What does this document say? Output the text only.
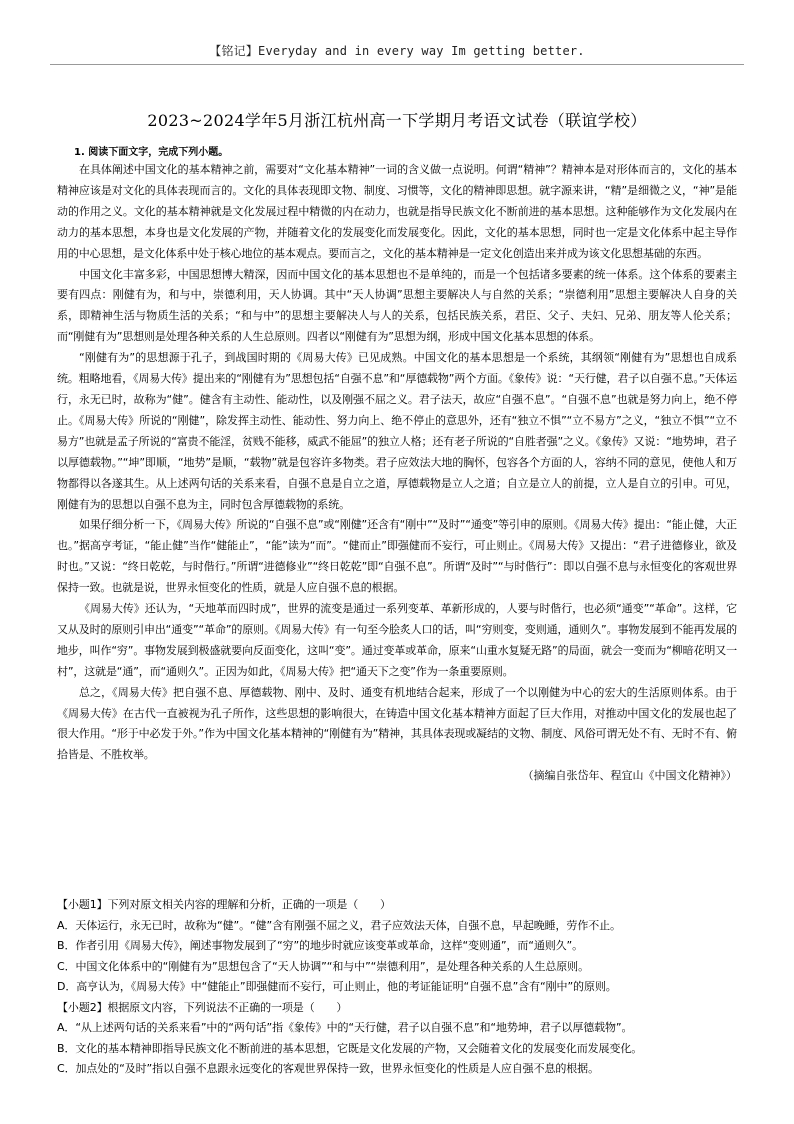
【铭记】Everyday and in every way Im getting better.
2023~2024学年5月浙江杭州高一下学期月考语文试卷（联谊学校）
1. 阅读下面文字，完成下列小题。

在具体阐述中国文化的基本精神之前，需要对“文化基本精神”一词的含义做一点说明。何谓“精神”？精神本是对形体而言的，文化的基本精神应该是对文化的具体表现而言的。文化的具体表现即文物、制度、习惯等，文化的精神即思想。就字源来讲，“精”是细微之义，“神”是能动的作用之义。文化的基本精神就是文化发展过程中精微的内在动力，也就是指导民族文化不断前进的基本思想。这种能够作为文化发展内在动力的基本思想，本身也是文化发展的产物，并随着文化的发展变化而发展变化。因此，文化的基本思想，同时也一定是文化体系中起主导作用的中心思想，是文化体系中处于核心地位的基本观点。要而言之，文化的基本精神是一定文化创造出来并成为该文化思想基础的东西。

中国文化丰富多彩，中国思想博大精深，因而中国文化的基本思想也不是单纯的，而是一个包括诸多要素的统一体系。这个体系的要素主要有四点：刚健有为，和与中，崇德利用，天人协调。其中“天人协调”思想主要解决人与自然的关系；“崇德利用”思想主要解决人自身的关系，即精神生活与物质生活的关系；“和与中”的思想主要解决人与人的关系，包括民族关系，君臣、父子、夫妇、兄弟、朋友等人伦关系；而“刚健有为”思想则是处理各种关系的人生总原则。四者以“刚健有为”思想为纲，形成中国文化基本思想的体系。

“刚健有为”的思想源于孔子，到战国时期的《周易大传》已见成熟。中国文化的基本思想是一个系统，其纲领“刚健有为”思想也自成系统。粗略地看，《周易大传》提出来的“刚健有为”思想包括“自强不息”和“厚德载物”两个方面。《象传》说：“天行健，君子以自强不息。”天体运行，永无已时，故称为“健”。健含有主动性、能动性，以及刚强不屈之义。君子法天，故应“自强不息”。“自强不息”也就是努力向上，绝不停止。《周易大传》所说的“刚健”，除发挥主动性、能动性、努力向上、绝不停止的意思外，还有“独立不惧”“立不易方”之义，“独立不惧”“立不易方”也就是孟子所说的“富贵不能淫，贫贱不能移，威武不能屈”的独立人格；还有老子所说的“自胜者强”之义。《象传》又说：“地势坤，君子以厚德载物。”“坤”即顺，“地势”是顺，“载物”就是包容许多物类。君子应效法大地的胸怀，包容各个方面的人，容纳不同的意见，使他人和万物都得以各遂其生。从上述两句话的关系来看，自强不息是自立之道，厚德载物是立人之道；自立是立人的前提，立人是自立的引申。可见，刚健有为的思想以自强不息为主，同时包含厚德载物的系统。

如果仔细分析一下，《周易大传》所说的“自强不息”或“刚健”还含有“刚中”“及时”“通变”等引申的原则。《周易大传》提出：“能止健，大正也。”据高亨考证，“能止健”当作“健能止”，“能”读为“而”。“健而止”即强健而不妄行，可止则止。《周易大传》又提出：“君子进德修业，欲及时也。”又说：“终日乾乾，与时偕行。”所谓“进德修业”“终日乾乾”即“自强不息”。所谓“及时”“与时偕行”：即以自强不息与永恒变化的客观世界保持一致。也就是说，世界永恒变化的性质，就是人应自强不息的根据。

《周易大传》还认为，“天地革而四时成”，世界的流变是通过一系列变革、革新形成的，人要与时偕行，也必须“通变”“革命”。这样，它又从及时的原则引申出“通变”“革命”的原则。《周易大传》有一句至今脍炙人口的话，叫“穷则变，变则通，通则久”。事物发展到不能再发展的地步，叫作“穷”。事物发展到极盛就要向反面变化，这叫“变”。通过变革或革命，原来“山重水复疑无路”的局面，就会一变而为“柳暗花明又一村”，这就是“通”，而“通则久”。正因为如此，《周易大传》把“通天下之变”作为一条重要原则。

总之，《周易大传》把自强不息、厚德载物、刚中、及时、通变有机地结合起来，形成了一个以刚健为中心的宏大的生活原则体系。由于《周易大传》在古代一直被视为孔子所作，这些思想的影响很大，在铸造中国文化基本精神方面起了巨大作用，对推动中国文化的发展也起了很大作用。“形于中必发于外。”作为中国文化基本精神的“刚健有为”精神，其具体表现或凝结的文物、制度、风俗可谓无处不有、无时不有、俯拾皆是、不胜枚举。

（摘编自张岱年、程宜山《中国文化精神》）

【小题1】下列对原文相关内容的理解和分析，正确的一项是（　　）

A．天体运行，永无已时，故称为“健”。“健”含有刚强不屈之义，君子应效法天体，自强不息，早起晚睡，劳作不止。

B．作者引用《周易大传》，阐述事物发展到了“穷”的地步时就应该变革或革命，这样“变则通”，而“通则久”。

C．中国文化体系中的“刚健有为”思想包含了“天人协调”“和与中”“崇德利用”，是处理各种关系的人生总原则。

D．高亨认为，《周易大传》中“健能止”即强健而不妄行，可止则止，他的考证能证明“自强不息”含有“刚中”的原则。

【小题2】根据原文内容，下列说法不正确的一项是（　　）

A．“从上述两句话的关系来看”中的“两句话”指《象传》中的“天行健，君子以自强不息”和“地势坤，君子以厚德载物”。

B．文化的基本精神即指导民族文化不断前进的基本思想，它既是文化发展的产物，又会随着文化的发展变化而发展变化。

C．加点处的“及时”指以自强不息跟永远变化的客观世界保持一致，世界永恒变化的性质是人应自强不息的根据。
